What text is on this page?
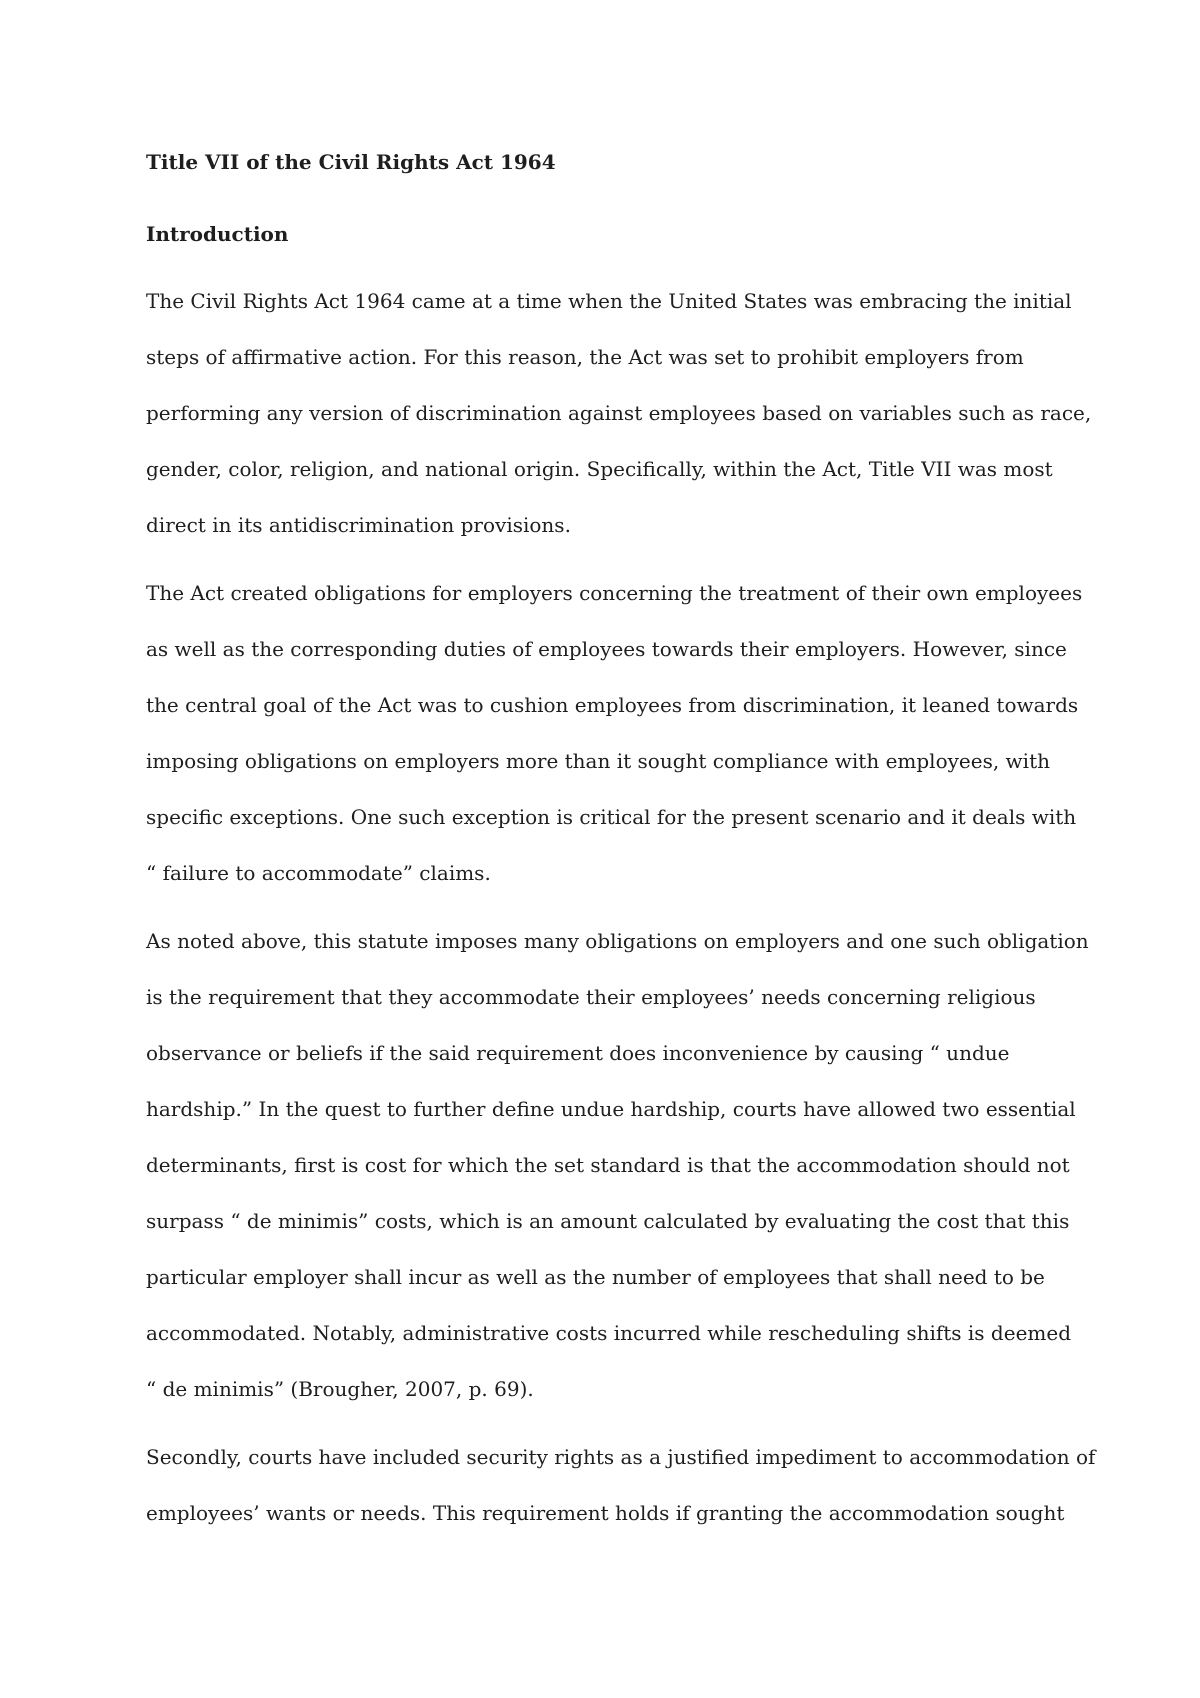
Title VII of the Civil Rights Act 1964
Introduction
The Civil Rights Act 1964 came at a time when the United States was embracing the initial
steps of affirmative action. For this reason, the Act was set to prohibit employers from
performing any version of discrimination against employees based on variables such as race,
gender, color, religion, and national origin. Specifically, within the Act, Title VII was most
direct in its antidiscrimination provisions.
The Act created obligations for employers concerning the treatment of their own employees
as well as the corresponding duties of employees towards their employers. However, since
the central goal of the Act was to cushion employees from discrimination, it leaned towards
imposing obligations on employers more than it sought compliance with employees, with
specific exceptions. One such exception is critical for the present scenario and it deals with
“ failure to accommodate” claims.
As noted above, this statute imposes many obligations on employers and one such obligation
is the requirement that they accommodate their employees’ needs concerning religious
observance or beliefs if the said requirement does inconvenience by causing “ undue
hardship.” In the quest to further define undue hardship, courts have allowed two essential
determinants, first is cost for which the set standard is that the accommodation should not
surpass “ de minimis” costs, which is an amount calculated by evaluating the cost that this
particular employer shall incur as well as the number of employees that shall need to be
accommodated. Notably, administrative costs incurred while rescheduling shifts is deemed
“ de minimis” (Brougher, 2007, p. 69).
Secondly, courts have included security rights as a justified impediment to accommodation of
employees’ wants or needs. This requirement holds if granting the accommodation sought
